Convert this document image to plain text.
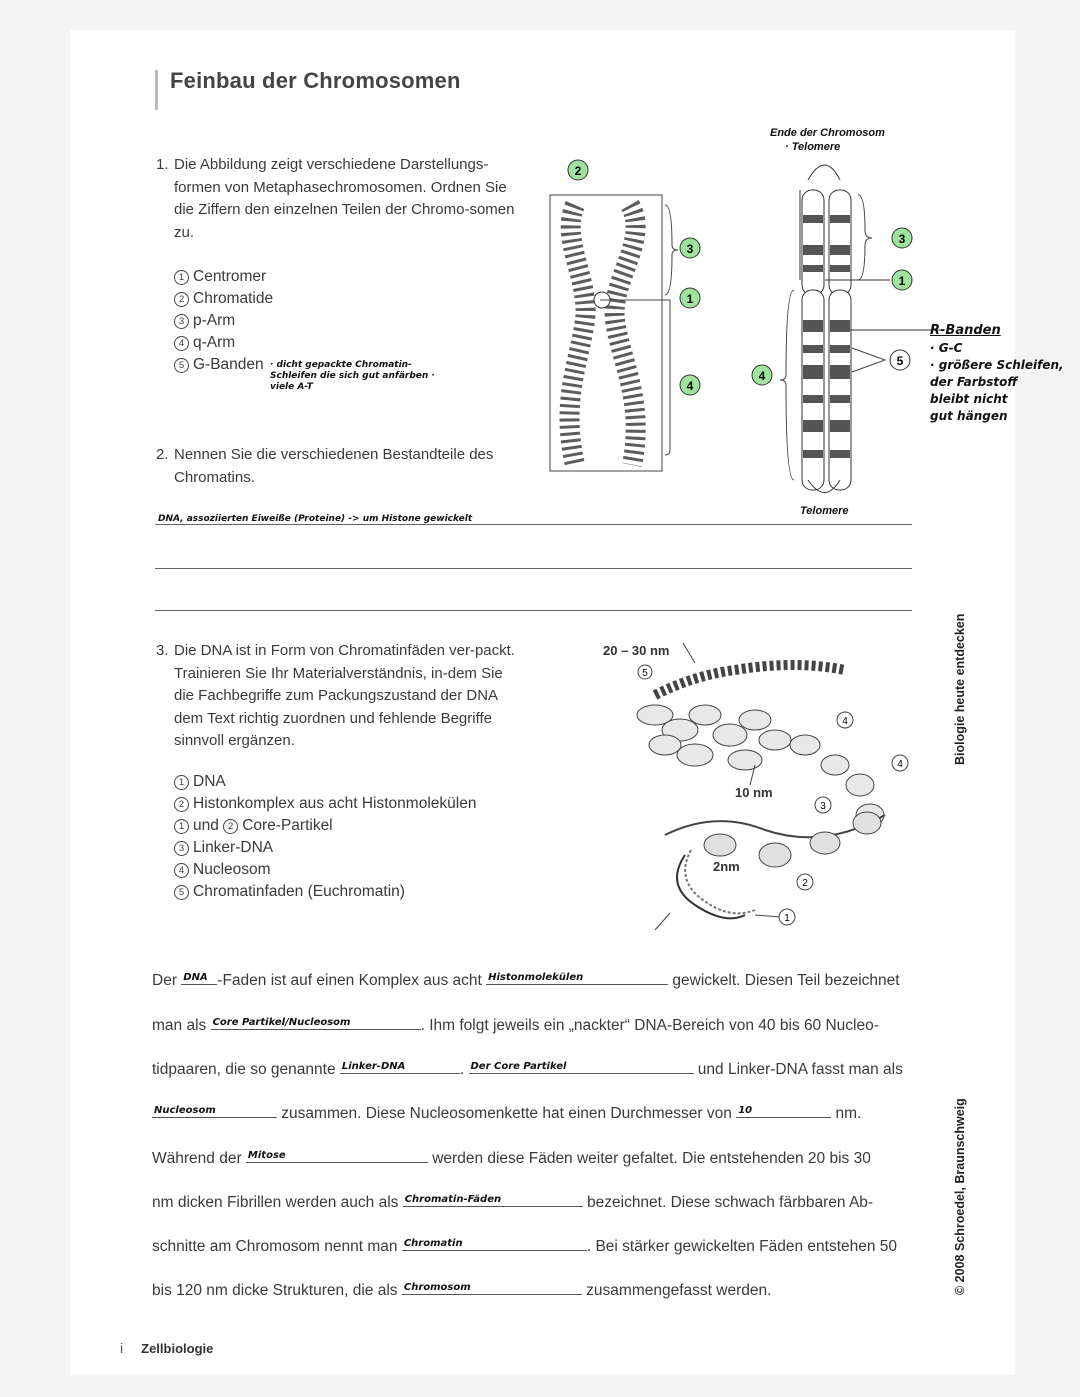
Feinbau der Chromosomen
1. Die Abbildung zeigt verschiedene Darstellungs-formen von Metaphasechromosomen. Ordnen Sie die Ziffern den einzelnen Teilen der Chromo-somen zu.
1 Centromer
2 Chromatide
3 p-Arm
4 q-Arm
5 G-Banden · dicht gepackte Chromatin-Schleifen die sich gut anfärben · viele A-T
2. Nennen Sie die verschiedenen Bestandteile des Chromatins.
DNA, assoziierten Eiweiße (Proteine) -> um Histone gewickelt
3. Die DNA ist in Form von Chromatinfäden ver-packt. Trainieren Sie Ihr Materialverständnis, in-dem Sie die Fachbegriffe zum Packungszustand der DNA dem Text richtig zuordnen und fehlende Begriffe sinnvoll ergänzen.
1 DNA
2 Histonkomplex aus acht Histonmolekülen
1 und 2 Core-Partikel
3 Linker-DNA
4 Nucleosom
5 Chromatinfaden (Euchromatin)
2
3
1
4
Ende der Chromosom
· Telomere
Telomere
3
1
5
4
R-Banden
· G-C
· größere Schleifen,
der Farbstoff
bleibt nicht
gut hängen
20 – 30 nm
5
4
4
10 nm
3
2nm
2
1
Der DNA -Faden ist auf einen Komplex aus acht Histonmolekülen	gewickelt. Diesen Teil bezeichnet
man als Core Partikel/Nucleosom	. Ihm folgt jeweils ein „nackter“ DNA-Bereich von 40 bis 60 Nucleo-
tidpaaren, die so genannte Linker-DNA	. Der Core Partikel	und Linker-DNA fasst man als
Nucleosom	zusammen. Diese Nucleosomenkette hat einen Durchmesser von 10	nm.
Während der Mitose	werden diese Fäden weiter gefaltet. Die entstehenden 20 bis 30
nm dicken Fibrillen werden auch als Chromatin-Fäden	bezeichnet. Diese schwach färbbaren Ab-
schnitte am Chromosom nennt man Chromatin	. Bei stärker gewickelten Fäden entstehen 50
bis 120 nm dicke Strukturen, die als Chromosom	zusammengefasst werden.
Biologie heute entdecken
© 2008 Schroedel, Braunschweig
i Zellbiologie
